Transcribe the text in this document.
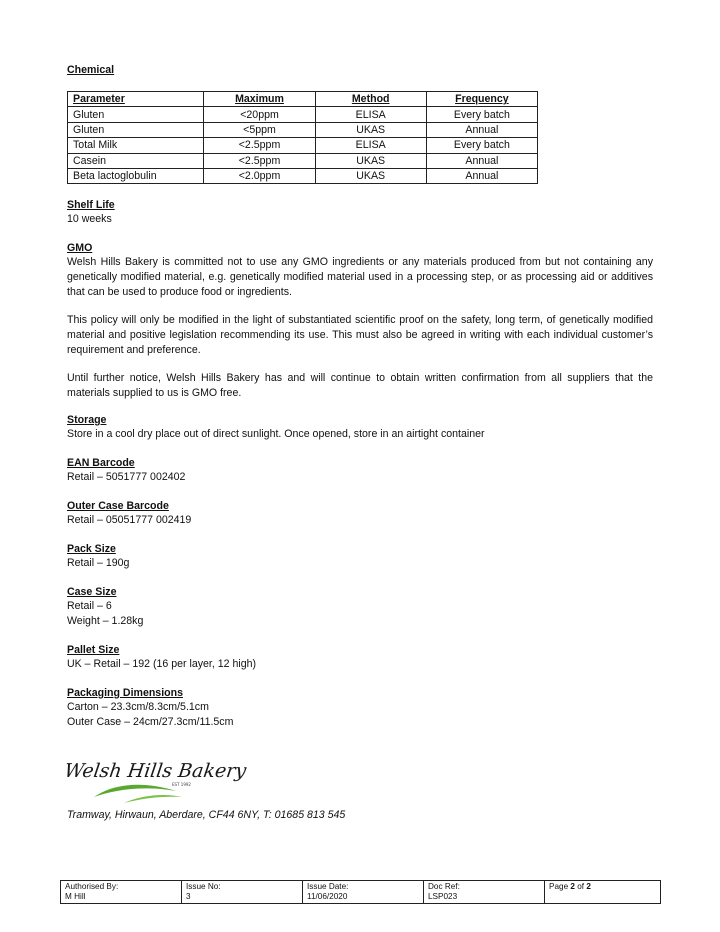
Chemical
Parameter	Maximum	Method	Frequency
Gluten	<20ppm	ELISA	Every batch
Gluten	<5ppm	UKAS	Annual
Total Milk	<2.5ppm	ELISA	Every batch
Casein	<2.5ppm	UKAS	Annual
Beta lactoglobulin	<2.0ppm	UKAS	Annual
Shelf Life
10 weeks
GMO
Welsh Hills Bakery is committed not to use any GMO ingredients or any materials produced from but not containing any genetically modified material, e.g. genetically modified material used in a processing step, or as processing aid or additives that can be used to produce food or ingredients.
This policy will only be modified in the light of substantiated scientific proof on the safety, long term, of genetically modified material and positive legislation recommending its use. This must also be agreed in writing with each individual customer’s requirement and preference.
Until further notice, Welsh Hills Bakery has and will continue to obtain written confirmation from all suppliers that the materials supplied to us is GMO free.
Storage
Store in a cool dry place out of direct sunlight. Once opened, store in an airtight container
EAN Barcode
Retail – 5051777 002402
Outer Case Barcode
Retail – 05051777 002419
Pack Size
Retail – 190g
Case Size
Retail – 6
Weight – 1.28kg
Pallet Size
UK – Retail – 192 (16 per layer, 12 high)
Packaging Dimensions
Carton – 23.3cm/8.3cm/5.1cm
Outer Case – 24cm/27.3cm/11.5cm
Welsh Hills Bakery
EST 1992
Tramway, Hirwaun, Aberdare, CF44 6NY, T: 01685 813 545
Authorised By:
M Hill

Issue No:
3

Issue Date:
11/06/2020

Doc Ref:
LSP023
	Page 2 of 2
